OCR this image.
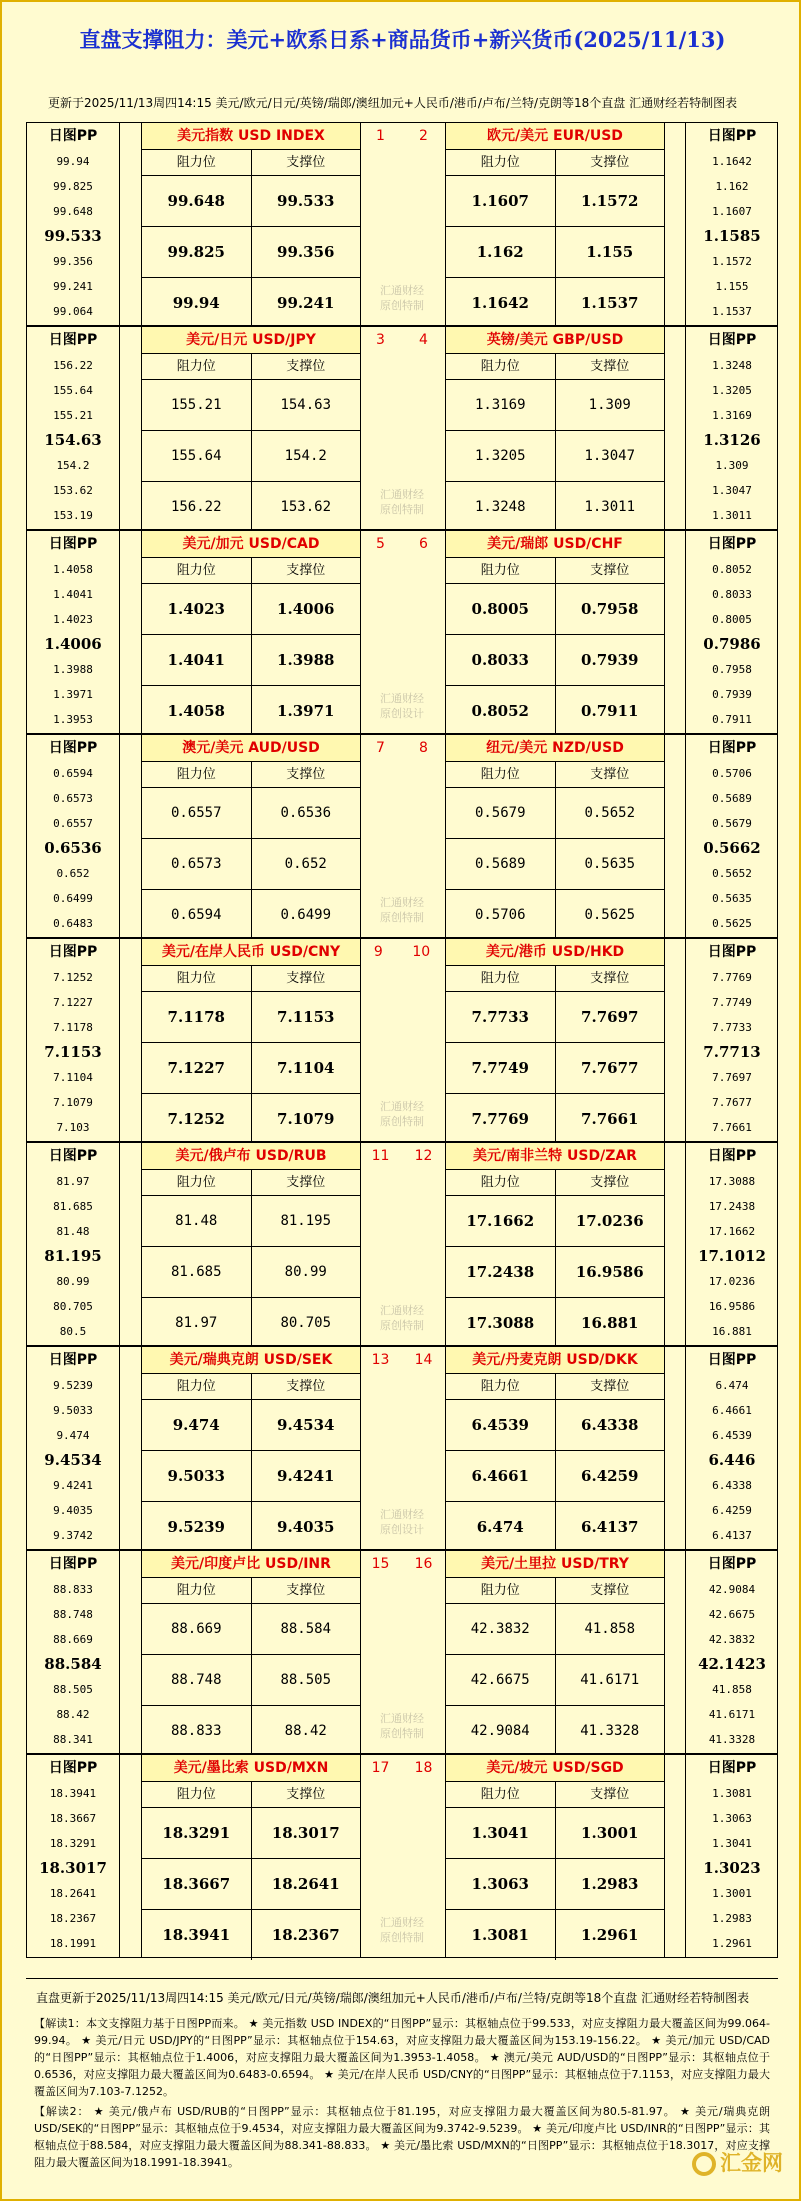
直盘支撑阻力：美元+欧系日系+商品货币+新兴货币(2025/11/13)
更新于2025/11/13周四14:15 美元/欧元/日元/英镑/瑞郎/澳纽加元+人民币/港币/卢布/兰特/克朗等18个直盘 汇通财经若特制图表
日图PP
99.94
99.825
99.648
99.533
99.356
99.241
99.064
美元指数 USD INDEX
阻力位	支撑位
99.648	99.533
99.825	99.356
99.94	99.241
1 2
汇通财经原创特制
欧元/美元 EUR/USD
阻力位	支撑位
1.1607	1.1572
1.162	1.155
1.1642	1.1537
日图PP
1.1642
1.162
1.1607
1.1585
1.1572
1.155
1.1537
日图PP
156.22
155.64
155.21
154.63
154.2
153.62
153.19
美元/日元 USD/JPY
阻力位	支撑位
155.21	154.63
155.64	154.2
156.22	153.62
3 4
汇通财经原创特制
英镑/美元 GBP/USD
阻力位	支撑位
1.3169	1.309
1.3205	1.3047
1.3248	1.3011
日图PP
1.3248
1.3205
1.3169
1.3126
1.309
1.3047
1.3011
日图PP
1.4058
1.4041
1.4023
1.4006
1.3988
1.3971
1.3953
美元/加元 USD/CAD
阻力位	支撑位
1.4023	1.4006
1.4041	1.3988
1.4058	1.3971
5 6
汇通财经 原创设计
美元/瑞郎 USD/CHF
阻力位	支撑位
0.8005	0.7958
0.8033	0.7939
0.8052	0.7911
日图PP
0.8052
0.8033
0.8005
0.7986
0.7958
0.7939
0.7911
日图PP
0.6594
0.6573
0.6557
0.6536
0.652
0.6499
0.6483
澳元/美元 AUD/USD
阻力位	支撑位
0.6557	0.6536
0.6573	0.652
0.6594	0.6499
7 8
汇通财经原创特制
纽元/美元 NZD/USD
阻力位	支撑位
0.5679	0.5652
0.5689	0.5635
0.5706	0.5625
日图PP
0.5706
0.5689
0.5679
0.5662
0.5652
0.5635
0.5625
日图PP
7.1252
7.1227
7.1178
7.1153
7.1104
7.1079
7.103
美元/在岸人民币 USD/CNY
阻力位	支撑位
7.1178	7.1153
7.1227	7.1104
7.1252	7.1079
9 10
汇通财经原创特制
美元/港币 USD/HKD
阻力位	支撑位
7.7733	7.7697
7.7749	7.7677
7.7769	7.7661
日图PP
7.7769
7.7749
7.7733
7.7713
7.7697
7.7677
7.7661
日图PP
81.97
81.685
81.48
81.195
80.99
80.705
80.5
美元/俄卢布 USD/RUB
阻力位	支撑位
81.48	81.195
81.685	80.99
81.97	80.705
11 12
汇通财经原创特制
美元/南非兰特 USD/ZAR
阻力位	支撑位
17.1662	17.0236
17.2438	16.9586
17.3088	16.881
日图PP
17.3088
17.2438
17.1662
17.1012
17.0236
16.9586
16.881
日图PP
9.5239
9.5033
9.474
9.4534
9.4241
9.4035
9.3742
美元/瑞典克朗 USD/SEK
阻力位	支撑位
9.474	9.4534
9.5033	9.4241
9.5239	9.4035
13 14
汇通财经 原创设计
美元/丹麦克朗 USD/DKK
阻力位	支撑位
6.4539	6.4338
6.4661	6.4259
6.474	6.4137
日图PP
6.474
6.4661
6.4539
6.446
6.4338
6.4259
6.4137
日图PP
88.833
88.748
88.669
88.584
88.505
88.42
88.341
美元/印度卢比 USD/INR
阻力位	支撑位
88.669	88.584
88.748	88.505
88.833	88.42
15 16
汇通财经原创特制
美元/土里拉 USD/TRY
阻力位	支撑位
42.3832	41.858
42.6675	41.6171
42.9084	41.3328
日图PP
42.9084
42.6675
42.3832
42.1423
41.858
41.6171
41.3328
日图PP
18.3941
18.3667
18.3291
18.3017
18.2641
18.2367
18.1991
美元/墨比索 USD/MXN
阻力位	支撑位
18.3291	18.3017
18.3667	18.2641
18.3941	18.2367
17 18
汇通财经原创特制
美元/坡元 USD/SGD
阻力位	支撑位
1.3041	1.3001
1.3063	1.2983
1.3081	1.2961
日图PP
1.3081
1.3063
1.3041
1.3023
1.3001
1.2983
1.2961
直盘更新于2025/11/13周四14:15 美元/欧元/日元/英镑/瑞郎/澳纽加元+人民币/港币/卢布/兰特/克朗等18个直盘 汇通财经若特制图表
【解读1：本文支撑阻力基于日图PP而来。 ★ 美元指数 USD INDEX的“日图PP”显示：其枢轴点位于99.533，对应支撑阻力最大覆盖区间为99.064-99.94。 ★ 美元/日元 USD/JPY的“日图PP”显示：其枢轴点位于154.63，对应支撑阻力最大覆盖区间为153.19-156.22。 ★ 美元/加元 USD/CAD的“日图PP”显示：其枢轴点位于1.4006，对应支撑阻力最大覆盖区间为1.3953-1.4058。 ★ 澳元/美元 AUD/USD的“日图PP”显示：其枢轴点位于0.6536，对应支撑阻力最大覆盖区间为0.6483-0.6594。 ★ 美元/在岸人民币 USD/CNY的“日图PP”显示：其枢轴点位于7.1153，对应支撑阻力最大覆盖区间为7.103-7.1252。
【解读2： ★ 美元/俄卢布 USD/RUB的“日图PP”显示：其枢轴点位于81.195，对应支撑阻力最大覆盖区间为80.5-81.97。 ★ 美元/瑞典克朗 USD/SEK的“日图PP”显示：其枢轴点位于9.4534，对应支撑阻力最大覆盖区间为9.3742-9.5239。 ★ 美元/印度卢比 USD/INR的“日图PP”显示：其枢轴点位于88.584，对应支撑阻力最大覆盖区间为88.341-88.833。 ★ 美元/墨比索 USD/MXN的“日图PP”显示：其枢轴点位于18.3017，对应支撑阻力最大覆盖区间为18.1991-18.3941。	汇金网
